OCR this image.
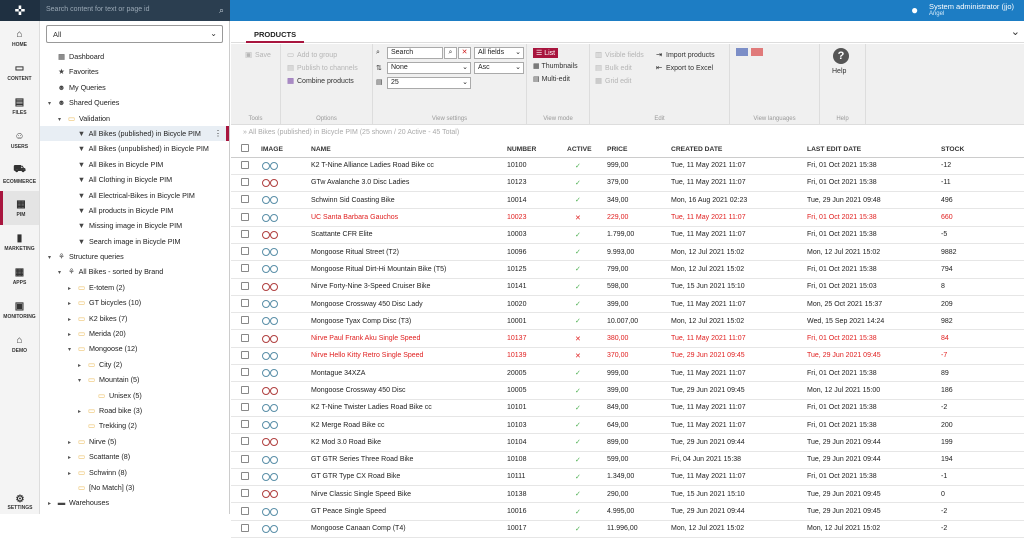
✜	Search content for text or page id	⌕	● System administrator (jjo)
Angel
⌂
HOME
▭
CONTENT
▤
FILES
☺
USERS
⛟
ECOMMERCE
▦
PIM
▮
MARKETING
▦
APPS
▣
MONITORING
⌂
DEMO
⚙
SETTINGS
All	⌄
▦ Dashboard
★ Favorites
☻ My Queries
▾ ☻ Shared Queries
▾ ▭ Validation
▼ All Bikes (published) in Bicycle PIM ⋮
▼ All Bikes (unpublished) in Bicycle PIM
▼ All Bikes in Bicycle PIM
▼ All Clothing in Bicycle PIM
▼ All Electrical-Bikes in Bicycle PIM
▼ All products in Bicycle PIM
▼ Missing image in Bicycle PIM
▼ Search image in Bicycle PIM
▾ ⚘ Structure queries
▾ ⚘ All Bikes - sorted by Brand
▸ ▭ E-totem (2)
▸ ▭ GT bicycles (10)
▸ ▭ K2 bikes (7)
▸ ▭ Merida (20)
▾ ▭ Mongoose (12)
▸ ▭ City (2)
▾ ▭ Mountain (5)
▭ Unisex (5)
▸ ▭ Road bike (3)
▭ Trekking (2)
▸ ▭ Nirve (5)
▸ ▭ Scattante (8)
▸ ▭ Schwinn (8)
▭ [No Match] (3)
▸ ▬ Warehouses
PRODUCTS	⌄
▣ Save
Tools
▭ Add to group
▤ Publish to channels
▦ Combine products
Options
⌕	Search	⌕	✕	All fields ⌄
⇅	None	⌄	Asc	⌄
▤	25	⌄
View settings
☰ List
▦ Thumbnails
▤ Multi-edit
View mode
▥ Visible fields
▤ Bulk edit
▦ Grid edit
⇥ Import products
⇤ Export to Excel
Edit	View languages
?
Help
Help
» All Bikes (published) in Bicycle PIM (25 shown / 20 Active - 45 Total)
	IMAGE	NAME	NUMBER	ACTIVE	PRICE	CREATED DATE	LAST EDIT DATE	STOCK
		K2 T-Nine Alliance Ladies Road Bike cc	10100	✓	999,00	Tue, 11 May 2021 11:07	Fri, 01 Oct 2021 15:38	-12
		GTw Avalanche 3.0 Disc Ladies	10123	✓	379,00	Tue, 11 May 2021 11:07	Fri, 01 Oct 2021 15:38	-11
		Schwinn Sid Coasting Bike	10014	✓	349,00	Mon, 16 Aug 2021 02:23	Tue, 29 Jun 2021 09:48	496
		UC Santa Barbara Gauchos	10023	✕	229,00	Tue, 11 May 2021 11:07	Fri, 01 Oct 2021 15:38	660
		Scattante CFR Elite	10003	✓	1.799,00	Tue, 11 May 2021 11:07	Fri, 01 Oct 2021 15:38	-5
		Mongoose Ritual Street (T2)	10096	✓	9.993,00	Mon, 12 Jul 2021 15:02	Mon, 12 Jul 2021 15:02	9882
		Mongoose Ritual Dirt-Hi Mountain Bike (T5)	10125	✓	799,00	Mon, 12 Jul 2021 15:02	Fri, 01 Oct 2021 15:38	794
		Nirve Forty-Nine 3-Speed Cruiser Bike	10141	✓	598,00	Tue, 15 Jun 2021 15:10	Fri, 01 Oct 2021 15:03	8
		Mongoose Crossway 450 Disc Lady	10020	✓	399,00	Tue, 11 May 2021 11:07	Mon, 25 Oct 2021 15:37	209
		Mongoose Tyax Comp Disc (T3)	10001	✓	10.007,00	Mon, 12 Jul 2021 15:02	Wed, 15 Sep 2021 14:24	982
		Nirve Paul Frank Aku Single Speed	10137	✕	380,00	Tue, 11 May 2021 11:07	Fri, 01 Oct 2021 15:38	84
		Nirve Hello Kitty Retro Single Speed	10139	✕	370,00	Tue, 29 Jun 2021 09:45	Tue, 29 Jun 2021 09:45	-7
		Montague 34XZA	20005	✓	999,00	Tue, 11 May 2021 11:07	Fri, 01 Oct 2021 15:38	89
		Mongoose Crossway 450 Disc	10005	✓	399,00	Tue, 29 Jun 2021 09:45	Mon, 12 Jul 2021 15:00	186
		K2 T-Nine Twister Ladies Road Bike cc	10101	✓	849,00	Tue, 11 May 2021 11:07	Fri, 01 Oct 2021 15:38	-2
		K2 Merge Road Bike cc	10103	✓	649,00	Tue, 11 May 2021 11:07	Fri, 01 Oct 2021 15:38	200
		K2 Mod 3.0 Road Bike	10104	✓	899,00	Tue, 29 Jun 2021 09:44	Tue, 29 Jun 2021 09:44	199
		GT GTR Series Three Road Bike	10108	✓	599,00	Fri, 04 Jun 2021 15:38	Tue, 29 Jun 2021 09:44	194
		GT GTR Type CX Road Bike	10111	✓	1.349,00	Tue, 11 May 2021 11:07	Fri, 01 Oct 2021 15:38	-1
		Nirve Classic Single Speed Bike	10138	✓	290,00	Tue, 15 Jun 2021 15:10	Tue, 29 Jun 2021 09:45	0
		GT Peace Single Speed	10016	✓	4.995,00	Tue, 29 Jun 2021 09:44	Tue, 29 Jun 2021 09:45	-2
		Mongoose Canaan Comp (T4)	10017	✓	11.996,00	Mon, 12 Jul 2021 15:02	Mon, 12 Jul 2021 15:02	-2
